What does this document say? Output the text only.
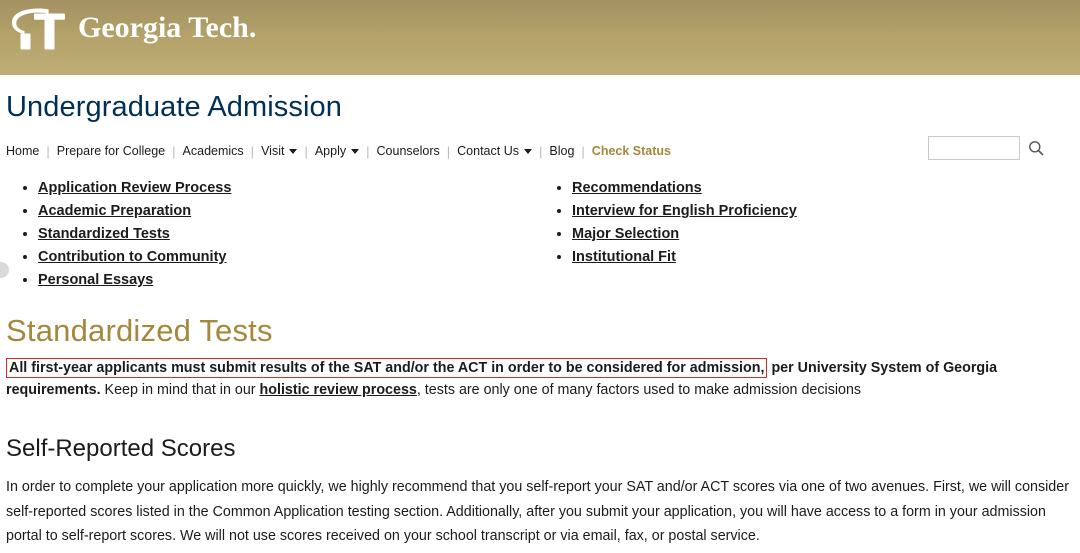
Georgia Tech.
Undergraduate Admission
Home | Prepare for College | Academics | Visit	| Apply	| Counselors | Contact Us	| Blog | Check Status
• Application Review Process
• Academic Preparation
• Standardized Tests
• Contribution to Community
• Personal Essays
• Recommendations
• Interview for English Proficiency
• Major Selection
• Institutional Fit
Standardized Tests

All first-year applicants must submit results of the SAT and/or the ACT in order to be considered for admission, per University System of Georgia requirements. Keep in mind that in our holistic review process, tests are only one of many factors used to make admission decisions

Self-Reported Scores

In order to complete your application more quickly, we highly recommend that you self-report your SAT and/or ACT scores via one of two avenues. First, we will consider self-reported scores listed in the Common Application testing section. Additionally, after you submit your application, you will have access to a form in your admission portal to self-report scores. We will not use scores received on your school transcript or via email, fax, or postal service.
